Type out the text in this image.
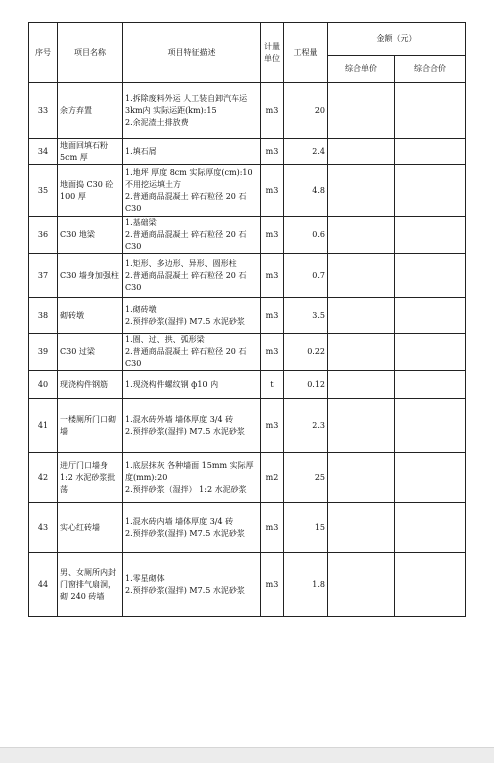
序号	项目名称	项目特征描述	计量单位	工程量	金额（元）	
					综合单价	综合合价
33	余方弃置	1.拆除废料外运 人工装自卸汽车运 3km内 实际运距(km):15
2.余泥渣土排放费	m3	20		
34	地面回填石粉 5cm 厚	1.填石屑	m3	2.4		
35	地面捣 C30 砼 100 厚	1.地坪 厚度 8cm 实际厚度(cm):10 不用挖运填土方
2.普通商品混凝土 碎石粒径 20 石 C30	m3	4.8		
36	C30 地梁	1.基础梁
2.普通商品混凝土 碎石粒径 20 石 C30	m3	0.6		
37	C30 墙身加强柱	1.矩形、多边形、异形、圆形柱
2.普通商品混凝土 碎石粒径 20 石 C30	m3	0.7		
38	砌砖墩	1.砌砖墩
2.预拌砂浆(湿拌) M7.5 水泥砂浆	m3	3.5		
39	C30 过梁	1.圈、过、拱、弧形梁
2.普通商品混凝土 碎石粒径 20 石 C30	m3	0.22		
40	现浇构件钢筋	1.现浇构件螺纹钢 ф10 内	t	0.12		
41	一楼厕所门口砌墙	1.混水砖外墙 墙体厚度 3/4 砖
2.预拌砂浆(湿拌) M7.5 水泥砂浆	m3	2.3		
42	进厅门口墙身 1:2 水泥砂浆批荡	1.底层抹灰 各种墙面 15mm 实际厚度(mm):20
2.预拌砂浆（湿拌） 1:2 水泥砂浆	m2	25		
43	实心红砖墙	1.混水砖内墙 墙体厚度 3/4 砖
2.预拌砂浆(湿拌) M7.5 水泥砂浆	m3	15		
44	男、女厕所内封门窗排气扇洞，砌 240 砖墙	1.零星砌体
2.预拌砂浆(湿拌) M7.5 水泥砂浆	m3	1.8		
